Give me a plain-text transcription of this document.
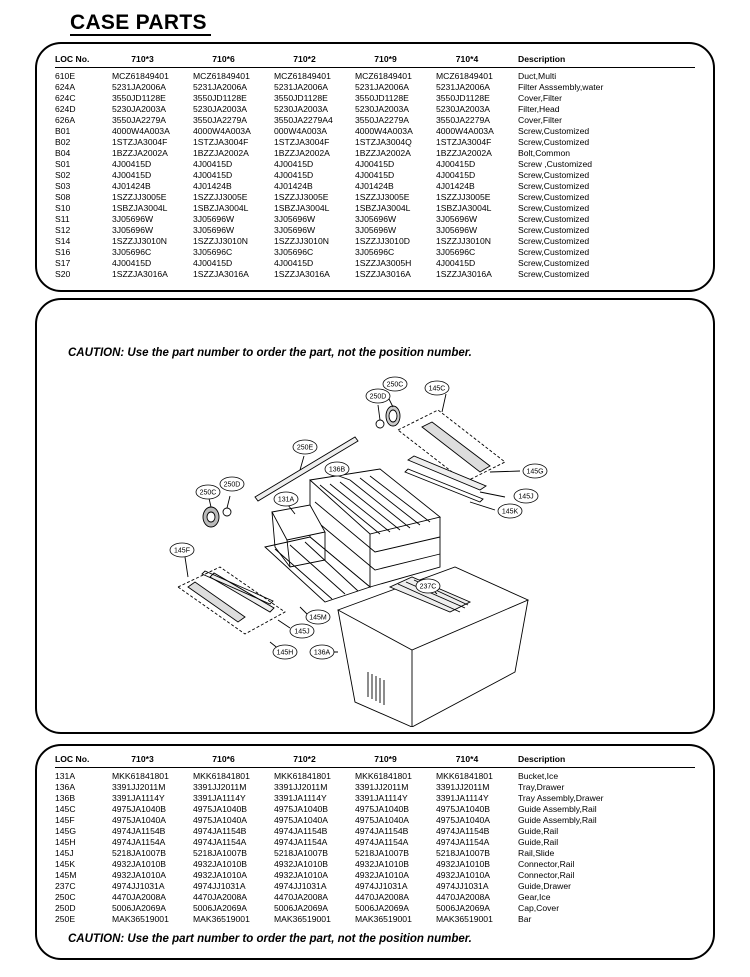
CASE PARTS
LOC No.	710*3	710*6	710*2	710*9	710*4	Description
610E	MCZ61849401	MCZ61849401	MCZ61849401	MCZ61849401	MCZ61849401	Duct,Multi
624A	5231JA2006A	5231JA2006A	5231JA2006A	5231JA2006A	5231JA2006A	Filter Asssembly,water
624C	3550JD1128E	3550JD1128E	3550JD1128E	3550JD1128E	3550JD1128E	Cover,Filter
624D	5230JA2003A	5230JA2003A	5230JA2003A	5230JA2003A	5230JA2003A	Filter,Head
626A	3550JA2279A	3550JA2279A	3550JA2279A4	3550JA2279A	3550JA2279A	Cover,Filter
B01	4000W4A003A	4000W4A003A	000W4A003A	4000W4A003A	4000W4A003A	Screw,Customized
B02	1STZJA3004F	1STZJA3004F	1STZJA3004F	1STZJA3004Q	1STZJA3004F	Screw,Customized
B04	1BZZJA2002A	1BZZJA2002A	1BZZJA2002A	1BZZJA2002A	1BZZJA2002A	Bolt,Common
S01	4J00415D	4J00415D	4J00415D	4J00415D	4J00415D	Screw ,Customized
S02	4J00415D	4J00415D	4J00415D	4J00415D	4J00415D	Screw,Customized
S03	4J01424B	4J01424B	4J01424B	4J01424B	4J01424B	Screw,Customized
S08	1SZZJJ3005E	1SZZJJ3005E	1SZZJJ3005E	1SZZJJ3005E	1SZZJJ3005E	Screw,Customized
S10	1SBZJA3004L	1SBZJA3004L	1SBZJA3004L	1SBZJA3004L	1SBZJA3004L	Screw,Customized
S11	3J05696W	3J05696W	3J05696W	3J05696W	3J05696W	Screw,Customized
S12	3J05696W	3J05696W	3J05696W	3J05696W	3J05696W	Screw,Customized
S14	1SZZJJ3010N	1SZZJJ3010N	1SZZJJ3010N	1SZZJJ3010D	1SZZJJ3010N	Screw,Customized
S16	3J05696C	3J05696C	3J05696C	3J05696C	3J05696C	Screw,Customized
S17	4J00415D	4J00415D	4J00415D	1SZZJA3005H	4J00415D	Screw,Customized
S20	1SZZJA3016A	1SZZJA3016A	1SZZJA3016A	1SZZJA3016A	1SZZJA3016A	Screw,Customized
CAUTION: Use the part number to order the part, not the position number.
250C
250D
145C
250E
136B	145G
250D
250C
131A	145J
145K
145F
237C
145M
145J
145H	136A
LOC No.	710*3	710*6	710*2	710*9	710*4	Description
131A	MKK61841801	MKK61841801	MKK61841801	MKK61841801	MKK61841801	Bucket,Ice
136A	3391JJ2011M	3391JJ2011M	3391JJ2011M	3391JJ2011M	3391JJ2011M	Tray,Drawer
136B	3391JA1114Y	3391JA1114Y	3391JA1114Y	3391JA1114Y	3391JA1114Y	Tray Assembly,Drawer
145C	4975JA1040B	4975JA1040B	4975JA1040B	4975JA1040B	4975JA1040B	Guide Assembly,Rail
145F	4975JA1040A	4975JA1040A	4975JA1040A	4975JA1040A	4975JA1040A	Guide Assembly,Rail
145G	4974JA1154B	4974JA1154B	4974JA1154B	4974JA1154B	4974JA1154B	Guide,Rail
145H	4974JA1154A	4974JA1154A	4974JA1154A	4974JA1154A	4974JA1154A	Guide,Rail
145J	5218JA1007B	5218JA1007B	5218JA1007B	5218JA1007B	5218JA1007B	Rail,Slide
145K	4932JA1010B	4932JA1010B	4932JA1010B	4932JA1010B	4932JA1010B	Connector,Rail
145M	4932JA1010A	4932JA1010A	4932JA1010A	4932JA1010A	4932JA1010A	Connector,Rail
237C	4974JJ1031A	4974JJ1031A	4974JJ1031A	4974JJ1031A	4974JJ1031A	Guide,Drawer
250C	4470JA2008A	4470JA2008A	4470JA2008A	4470JA2008A	4470JA2008A	Gear,Ice
250D	5006JA2069A	5006JA2069A	5006JA2069A	5006JA2069A	5006JA2069A	Cap,Cover
250E	MAK36519001	MAK36519001	MAK36519001	MAK36519001	MAK36519001	Bar
CAUTION: Use the part number to order the part, not the position number.
